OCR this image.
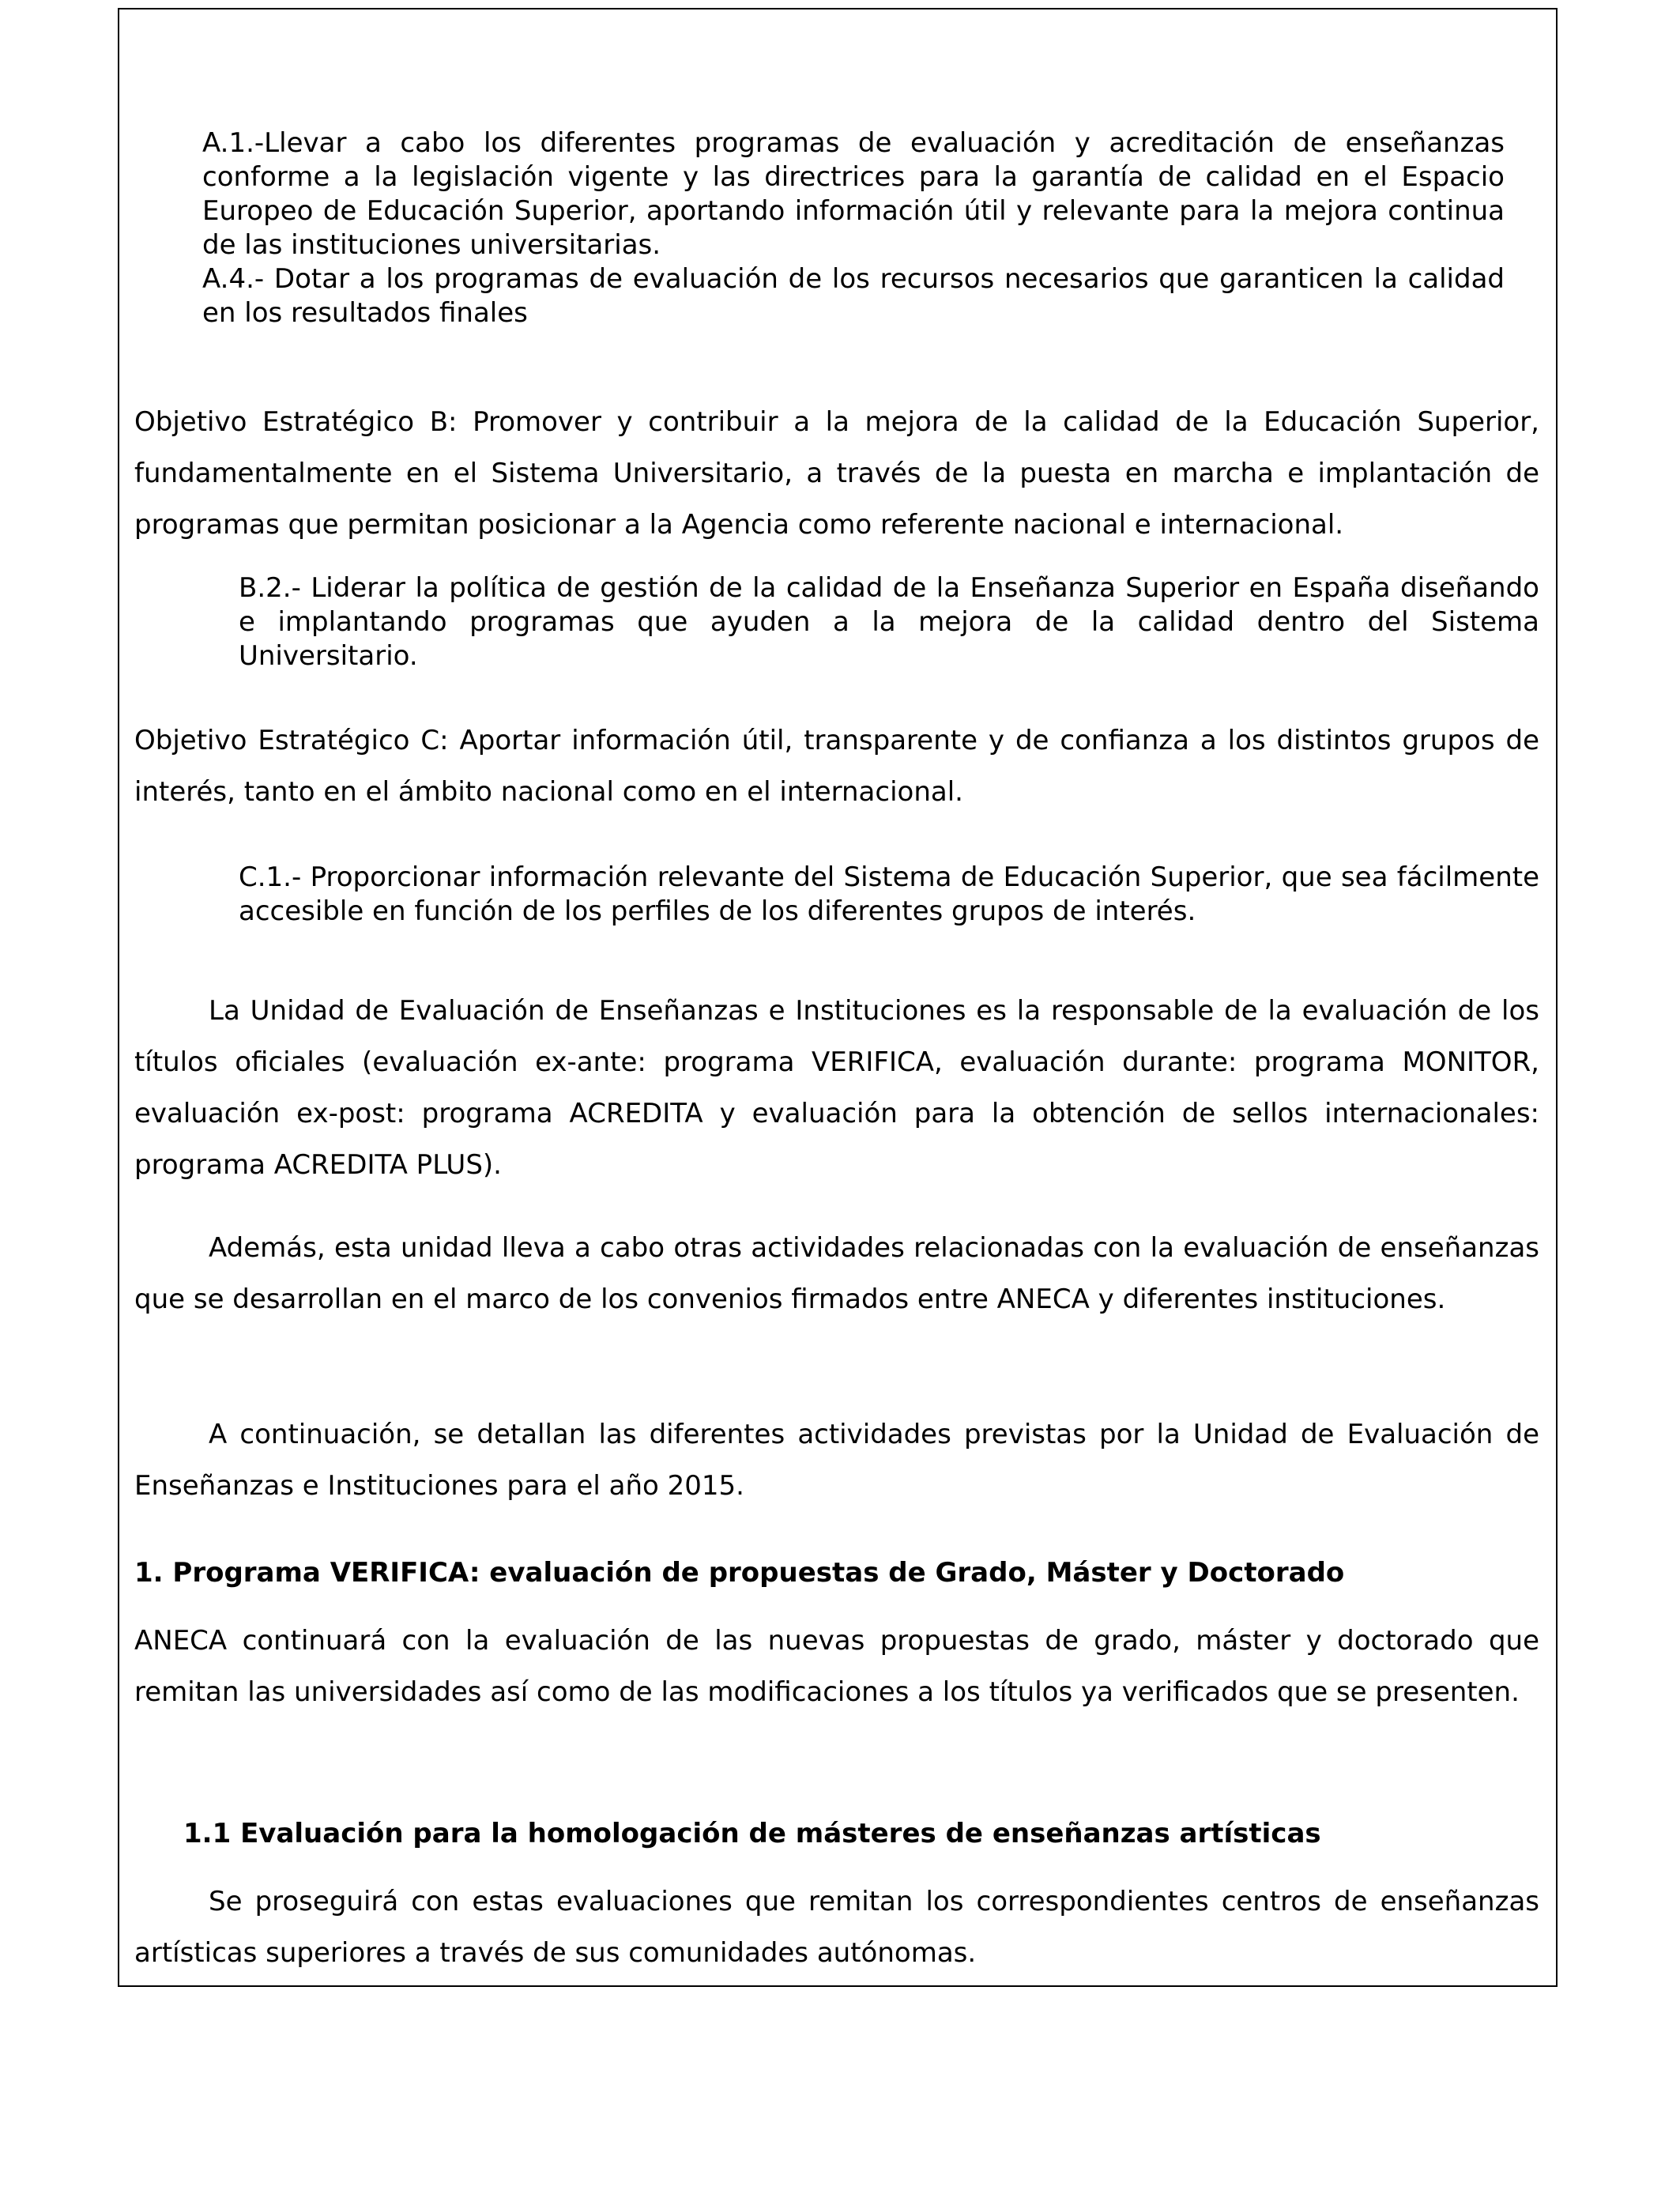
A.1.-Llevar a cabo los diferentes programas de evaluación y acreditación de enseñanzas conforme a la legislación vigente y las directrices para la garantía de calidad en el Espacio Europeo de Educación Superior, aportando información útil y relevante para la mejora continua de las instituciones universitarias.

A.4.- Dotar a los programas de evaluación de los recursos necesarios que garanticen la calidad en los resultados finales

Objetivo Estratégico B: Promover y contribuir a la mejora de la calidad de la Educación Superior, fundamentalmente en el Sistema Universitario, a través de la puesta en marcha e implantación de programas que permitan posicionar a la Agencia como referente nacional e internacional.

B.2.- Liderar la política de gestión de la calidad de la Enseñanza Superior en España diseñando e implantando programas que ayuden a la mejora de la calidad dentro del Sistema Universitario.

Objetivo Estratégico C: Aportar información útil, transparente y de confianza a los distintos grupos de interés, tanto en el ámbito nacional como en el internacional.

C.1.- Proporcionar información relevante del Sistema de Educación Superior, que sea fácilmente accesible en función de los perfiles de los diferentes grupos de interés.

La Unidad de Evaluación de Enseñanzas e Instituciones es la responsable de la evaluación de los títulos oficiales (evaluación ex-ante: programa VERIFICA, evaluación durante: programa MONITOR, evaluación ex-post: programa ACREDITA y evaluación para la obtención de sellos internacionales: programa ACREDITA PLUS).

Además, esta unidad lleva a cabo otras actividades relacionadas con la evaluación de enseñanzas que se desarrollan en el marco de los convenios firmados entre ANECA y diferentes instituciones.

A continuación, se detallan las diferentes actividades previstas por la Unidad de Evaluación de Enseñanzas e Instituciones para el año 2015.

1. Programa VERIFICA: evaluación de propuestas de Grado, Máster y Doctorado

ANECA continuará con la evaluación de las nuevas propuestas de grado, máster y doctorado que remitan las universidades así como de las modificaciones a los títulos ya verificados que se presenten.

1.1 Evaluación para la homologación de másteres de enseñanzas artísticas

Se proseguirá con estas evaluaciones que remitan los correspondientes centros de enseñanzas artísticas superiores a través de sus comunidades autónomas.
